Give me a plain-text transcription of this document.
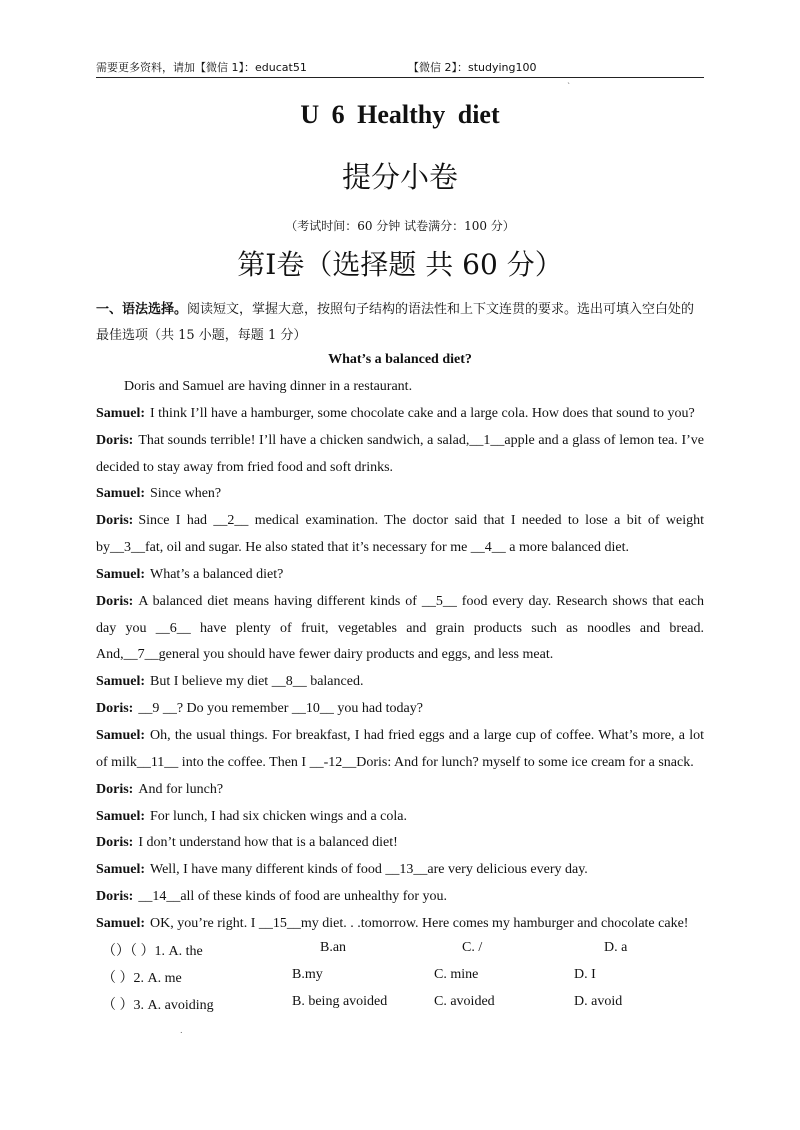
需要更多资料，请加【微信 1】：educat51	【微信 2】：studying100
ˋ
U 6 Healthy diet
提分小卷
（考试时间：60 分钟 试卷满分：100 分）
第Ⅰ卷（选择题 共 60 分）
一、语法选择。阅读短文，掌握大意，按照句子结构的语法性和上下文连贯的要求。选出可填入空白处的最佳选项（共 15 小题，每题 1 分）
What’s a balanced diet?

Doris and Samuel are having dinner in a restaurant.

Samuel: I think I’ll have a hamburger, some chocolate cake and a large cola. How does that sound to you?

Doris: That sounds terrible! I’ll have a chicken sandwich, a salad,__1__apple and a glass of lemon tea. I’ve decided to stay away from fried food and soft drinks.

Samuel: Since when?

Doris: Since I had __2__ medical examination. The doctor said that I needed to lose a bit of weight by__3__fat, oil and sugar. He also stated that it’s necessary for me __4__ a more balanced diet.

Samuel: What’s a balanced diet?

Doris: A balanced diet means having different kinds of __5__ food every day. Research shows that each day you __6__ have plenty of fruit, vegetables and grain products such as noodles and bread. And,__7__general you should have fewer dairy products and eggs, and less meat.

Samuel: But I believe my diet __8__ balanced.

Doris: __9 __? Do you remember __10__ you had today?

Samuel: Oh, the usual things. For breakfast, I had fried eggs and a large cup of coffee. What’s more, a lot of milk__11__ into the coffee. Then I __-12__Doris: And for lunch? myself to some ice cream for a snack.

Doris: And for lunch?

Samuel: For lunch, I had six chicken wings and a cola.

Doris: I don’t understand how that is a balanced diet!

Samuel: Well, I have many different kinds of food __13__are very delicious every day.

Doris: __14__all of these kinds of food are unhealthy for you.

Samuel: OK, you’re right. I __15__my diet. . .tomorrow. Here comes my hamburger and chocolate cake!

（）（ ）1. A. the	B.an	C. /	D. a
（ ）2. A. me	B.my	C. mine	D. I
（ ）3. A. avoiding	B. being avoided	C. avoided	D. avoid
.
